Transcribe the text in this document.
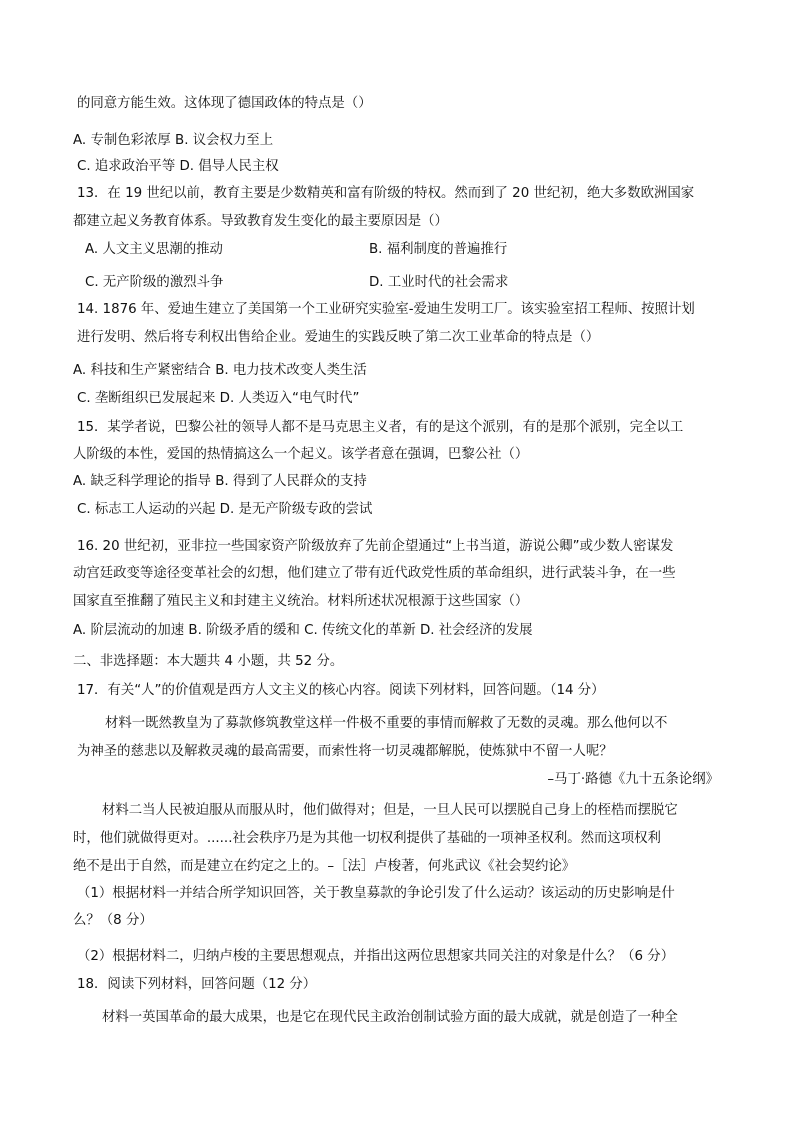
的同意方能生效。这体现了德国政体的特点是（）
A. 专制色彩浓厚 B. 议会权力至上
C. 追求政治平等 D. 倡导人民主权
13．在 19 世纪以前，教育主要是少数精英和富有阶级的特权。然而到了 20 世纪初，绝大多数欧洲国家
都建立起义务教育体系。导致教育发生变化的最主要原因是（）
A. 人文主义思潮的推动	B. 福利制度的普遍推行
C. 无产阶级的激烈斗争	D. 工业时代的社会需求
14. 1876 年、爱迪生建立了美国第一个工业研究实验室-爱迪生发明工厂。该实验室招工程师、按照计划
进行发明、然后将专利权出售给企业。爱迪生的实践反映了第二次工业革命的特点是（）
A. 科技和生产紧密结合 B. 电力技术改变人类生活
C. 垄断组织已发展起来 D. 人类迈入“电气时代”
15．某学者说，巴黎公社的领导人都不是马克思主义者，有的是这个派别，有的是那个派别，完全以工
人阶级的本性，爱国的热情搞这么一个起义。该学者意在强调，巴黎公社（）
A. 缺乏科学理论的指导 B. 得到了人民群众的支持
C. 标志工人运动的兴起 D. 是无产阶级专政的尝试
16. 20 世纪初，亚非拉一些国家资产阶级放弃了先前企望通过“上书当道，游说公卿”或少数人密谋发
动宫廷政变等途径变革社会的幻想，他们建立了带有近代政党性质的革命组织，进行武装斗争，在一些
国家直至推翻了殖民主义和封建主义统治。材料所述状况根源于这些国家（）
A. 阶层流动的加速 B. 阶级矛盾的缓和 C. 传统文化的革新 D. 社会经济的发展
二、非选择题：本大题共 4 小题，共 52 分。
17．有关“人”的价值观是西方人文主义的核心内容。阅读下列材料，回答问题。（14 分）
材料一既然教皇为了募款修筑教堂这样一件极不重要的事情而解救了无数的灵魂。那么他何以不
为神圣的慈悲以及解救灵魂的最高需要，而索性将一切灵魂都解脱，使炼狱中不留一人呢？
–马丁·路德《九十五条论纲》
材料二当人民被迫服从而服从时，他们做得对；但是，一旦人民可以摆脱自己身上的桎梏而摆脱它
时，他们就做得更对。......社会秩序乃是为其他一切权利提供了基础的一项神圣权利。然而这项权利
绝不是出于自然，而是建立在约定之上的。–［法］卢梭著，何兆武议《社会契约论》
（1）根据材料一并结合所学知识回答，关于教皇募款的争论引发了什么运动？该运动的历史影响是什
么？（8 分）
（2）根据材料二，归纳卢梭的主要思想观点，并指出这两位思想家共同关注的对象是什么？（6 分）
18．阅读下列材料，回答问题（12 分）
材料一英国革命的最大成果，也是它在现代民主政治创制试验方面的最大成就，就是创造了一种全
